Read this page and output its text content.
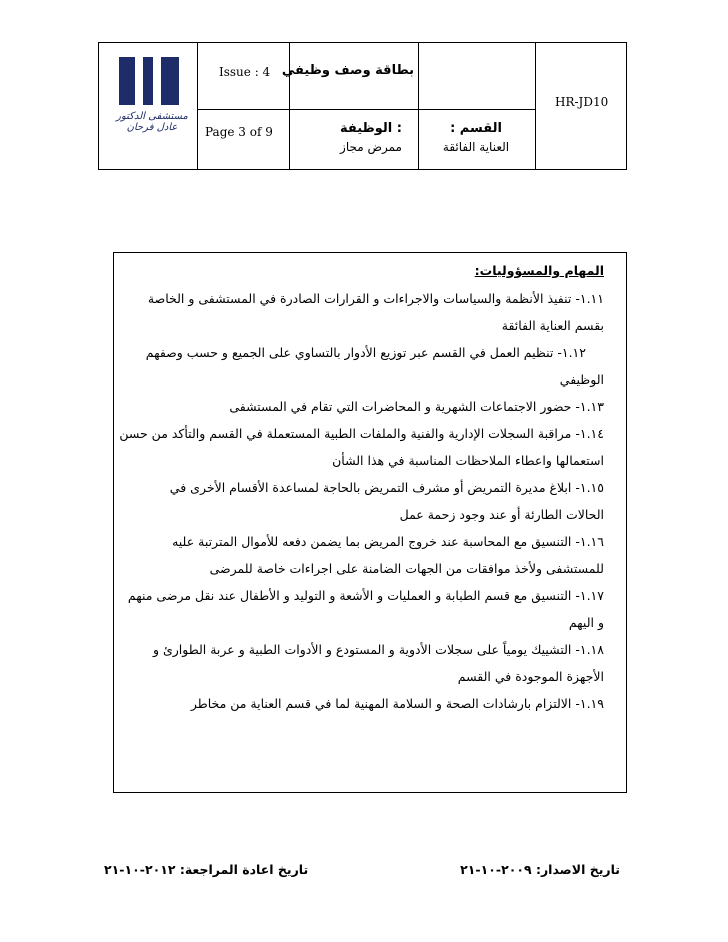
مستشفى الدكتور عادل فرحان
Issue : 4
Page 3 of 9
بطاقة وصف وظيفي
HR-JD10
: الوظيفة
ممرض مجاز
القسم :
العناية الفائقة
المهام والمسؤوليات:
١.١١- تنفيذ الأنظمة والسياسات والاجراءات و القرارات الصادرة في المستشفى و الخاصة
بقسم العناية الفائقة
١.١٢- تنظيم العمل في القسم عبر توزيع الأدوار بالتساوي على الجميع و حسب وصفهم
الوظيفي
١.١٣- حضور الاجتماعات الشهرية و المحاضرات التي تقام في المستشفى
١.١٤- مراقبة السجلات الإدارية والفنية والملفات الطبية المستعملة في القسم والتأكد من حسن
استعمالها واعطاء الملاحظات المناسبة في هذا الشأن
١.١٥- ابلاغ مديرة التمريض أو مشرف التمريض بالحاجة لمساعدة الأقسام الأخرى في
الحالات الطارئة أو عند وجود زحمة عمل
١.١٦- التنسيق مع المحاسبة عند خروج المريض بما يضمن دفعه للأموال المترتبة عليه
للمستشفى ولأخذ موافقات من الجهات الضامنة على اجراءات خاصة للمرضى
١.١٧- التنسيق مع قسم الطبابة و العمليات و الأشعة و التوليد و الأطفال عند نقل مرضى منهم
و اليهم
١.١٨- التشييك يومياً على سجلات الأدوية و المستودع و الأدوات الطبية و عربة الطوارئ و
الأجهزة الموجودة في القسم
١.١٩- الالتزام بارشادات الصحة و السلامة المهنية لما في قسم العناية من مخاطر
تاريخ الاصدار: ٢٠٠٩-١٠-٢١
تاريخ اعادة المراجعة: ٢٠١٢-١٠-٢١
